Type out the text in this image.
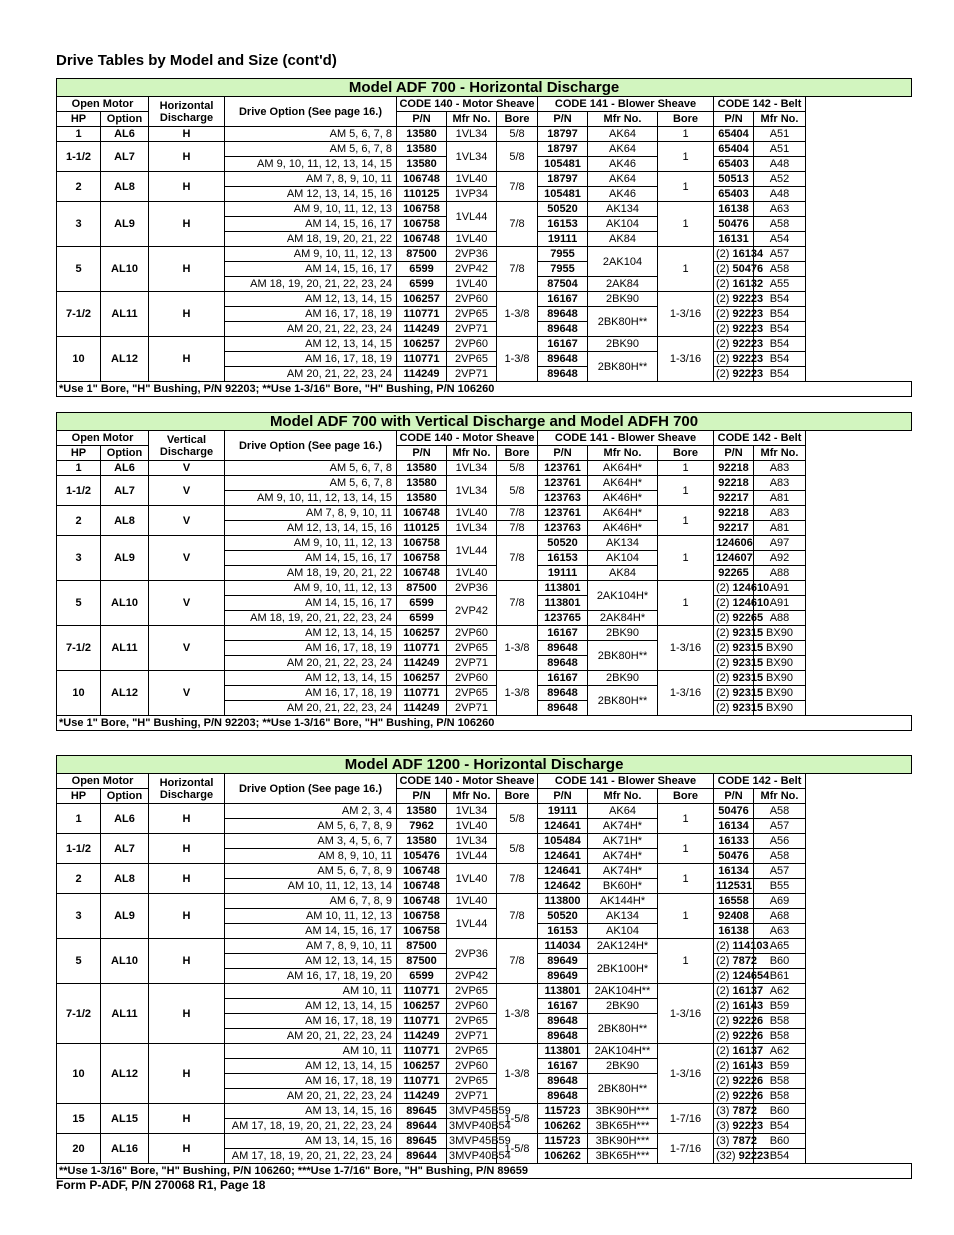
Drive Tables by Model and Size (cont'd)
Model ADF 700 - Horizontal Discharge											
Open Motor		Horizontal
Discharge	Drive Option (See page 16.)	CODE 140 - Motor Sheave			CODE 141 - Blower Sheave			CODE 142 - Belt	
HP	Option			P/N	Mfr No.	Bore	P/N	Mfr No.	Bore	P/N	Mfr No.
1	AL6	H	AM 5, 6, 7, 8	13580	1VL34	5/8	18797	AK64	1	65404	A51
1-1/2	AL7	H	AM 5, 6, 7, 8	13580	1VL34	5/8	18797	AK64	1	65404	A51
			AM 9, 10, 11, 12, 13, 14, 15	13580			105481	AK46		65403	A48
2	AL8	H	AM 7, 8, 9, 10, 11	106748	1VL40	7/8	18797	AK64	1	50513	A52
			AM 12, 13, 14, 15, 16	110125	1VP34		105481	AK46		65403	A48
3	AL9	H	AM 9, 10, 11, 12, 13	106758	1VL44	7/8	50520	AK134	1	16138	A63
			AM 14, 15, 16, 17	106758			16153	AK104		50476	A58
			AM 18, 19, 20, 21, 22	106748	1VL40		19111	AK84		16131	A54
5	AL10	H	AM 9, 10, 11, 12, 13	87500	2VP36	7/8	7955	2AK104	1	(2) 16134	A57
			AM 14, 15, 16, 17	6599	2VP42		7955			(2) 50476	A58
			AM 18, 19, 20, 21, 22, 23, 24	6599	1VL40		87504	2AK84		(2) 16132	A55
7-1/2	AL11	H	AM 12, 13, 14, 15	106257	2VP60	1-3/8	16167	2BK90	1-3/16	(2) 92223	B54
			AM 16, 17, 18, 19	110771	2VP65		89648	2BK80H**		(2) 92223	B54
			AM 20, 21, 22, 23, 24	114249	2VP71		89648			(2) 92223	B54
10	AL12	H	AM 12, 13, 14, 15	106257	2VP60	1-3/8	16167	2BK90	1-3/16	(2) 92223	B54
			AM 16, 17, 18, 19	110771	2VP65		89648	2BK80H**		(2) 92223	B54
			AM 20, 21, 22, 23, 24	114249	2VP71		89648			(2) 92223	B54
*Use 1" Bore, "H" Bushing, P/N 92203; **Use 1-3/16" Bore, "H" Bushing, P/N 106260											
Model ADF 700 with Vertical Discharge and Model ADFH 700											
Open Motor		Vertical
Discharge	Drive Option (See page 16.)	CODE 140 - Motor Sheave			CODE 141 - Blower Sheave			CODE 142 - Belt	
HP	Option			P/N	Mfr No.	Bore	P/N	Mfr No.	Bore	P/N	Mfr No.
1	AL6	V	AM 5, 6, 7, 8	13580	1VL34	5/8	123761	AK64H*	1	92218	A83
1-1/2	AL7	V	AM 5, 6, 7, 8	13580	1VL34	5/8	123761	AK64H*	1	92218	A83
			AM 9, 10, 11, 12, 13, 14, 15	13580			123763	AK46H*		92217	A81
2	AL8	V	AM 7, 8, 9, 10, 11	106748	1VL40	7/8	123761	AK64H*	1	92218	A83
			AM 12, 13, 14, 15, 16	110125	1VL34	7/8	123763	AK46H*		92217	A81
3	AL9	V	AM 9, 10, 11, 12, 13	106758	1VL44	7/8	50520	AK134	1	124606	A97
			AM 14, 15, 16, 17	106758			16153	AK104		124607	A92
			AM 18, 19, 20, 21, 22	106748	1VL40		19111	AK84		92265	A88
5	AL10	V	AM 9, 10, 11, 12, 13	87500	2VP36	7/8	113801	2AK104H*	1	(2) 124610	A91
			AM 14, 15, 16, 17	6599	2VP42		113801			(2) 124610	A91
			AM 18, 19, 20, 21, 22, 23, 24	6599			123765	2AK84H*		(2) 92265	A88
7-1/2	AL11	V	AM 12, 13, 14, 15	106257	2VP60	1-3/8	16167	2BK90	1-3/16	(2) 92315	BX90
			AM 16, 17, 18, 19	110771	2VP65		89648	2BK80H**		(2) 92315	BX90
			AM 20, 21, 22, 23, 24	114249	2VP71		89648			(2) 92315	BX90
10	AL12	V	AM 12, 13, 14, 15	106257	2VP60	1-3/8	16167	2BK90	1-3/16	(2) 92315	BX90
			AM 16, 17, 18, 19	110771	2VP65		89648	2BK80H**		(2) 92315	BX90
			AM 20, 21, 22, 23, 24	114249	2VP71		89648			(2) 92315	BX90
*Use 1" Bore, "H" Bushing, P/N 92203; **Use 1-3/16" Bore, "H" Bushing, P/N 106260											
Model ADF 1200 - Horizontal Discharge											
Open Motor		Horizontal
Discharge	Drive Option (See page 16.)	CODE 140 - Motor Sheave			CODE 141 - Blower Sheave			CODE 142 - Belt	
HP	Option			P/N	Mfr No.	Bore	P/N	Mfr No.	Bore	P/N	Mfr No.
1	AL6	H	AM 2, 3, 4	13580	1VL34	5/8	19111	AK64	1	50476	A58
			AM 5, 6, 7, 8, 9	7962	1VL40		124641	AK74H*		16134	A57
1-1/2	AL7	H	AM 3, 4, 5, 6, 7	13580	1VL34	5/8	105484	AK71H*	1	16133	A56
			AM 8, 9, 10, 11	105476	1VL44		124641	AK74H*		50476	A58
2	AL8	H	AM 5, 6, 7, 8, 9	106748	1VL40	7/8	124641	AK74H*	1	16134	A57
			AM 10, 11, 12, 13, 14	106748			124642	BK60H*		112531	B55
3	AL9	H	AM 6, 7, 8, 9	106748	1VL40	7/8	113800	AK144H*	1	16558	A69
			AM 10, 11, 12, 13	106758	1VL44		50520	AK134		92408	A68
			AM 14, 15, 16, 17	106758			16153	AK104		16138	A63
5	AL10	H	AM 7, 8, 9, 10, 11	87500	2VP36	7/8	114034	2AK124H*	1	(2) 114103	A65
			AM 12, 13, 14, 15	87500			89649	2BK100H*		(2) 7872	B60
			AM 16, 17, 18, 19, 20	6599	2VP42		89649			(2) 124654	B61
7-1/2	AL11	H	AM 10, 11	110771	2VP65	1-3/8	113801	2AK104H**	1-3/16	(2) 16137	A62
			AM 12, 13, 14, 15	106257	2VP60		16167	2BK90		(2) 16143	B59
			AM 16, 17, 18, 19	110771	2VP65		89648	2BK80H**		(2) 92226	B58
			AM 20, 21, 22, 23, 24	114249	2VP71		89648			(2) 92226	B58
10	AL12	H	AM 10, 11	110771	2VP65	1-3/8	113801	2AK104H**	1-3/16	(2) 16137	A62
			AM 12, 13, 14, 15	106257	2VP60		16167	2BK90		(2) 16143	B59
			AM 16, 17, 18, 19	110771	2VP65		89648	2BK80H**		(2) 92226	B58
			AM 20, 21, 22, 23, 24	114249	2VP71		89648			(2) 92226	B58
15	AL15	H	AM 13, 14, 15, 16	89645	3MVP45B59	1-5/8	115723	3BK90H***	1-7/16	(3) 7872	B60
			AM 17, 18, 19, 20, 21, 22, 23, 24	89644	3MVP40B54		106262	3BK65H***		(3) 92223	B54
20	AL16	H	AM 13, 14, 15, 16	89645	3MVP45B59	1-5/8	115723	3BK90H***	1-7/16	(3) 7872	B60
			AM 17, 18, 19, 20, 21, 22, 23, 24	89644	3MVP40B54		106262	3BK65H***		(32) 92223	B54
**Use 1-3/16" Bore, "H" Bushing, P/N 106260; ***Use 1-7/16" Bore, "H" Bushing, P/N 89659											
Form P-ADF, P/N 270068 R1, Page 18
